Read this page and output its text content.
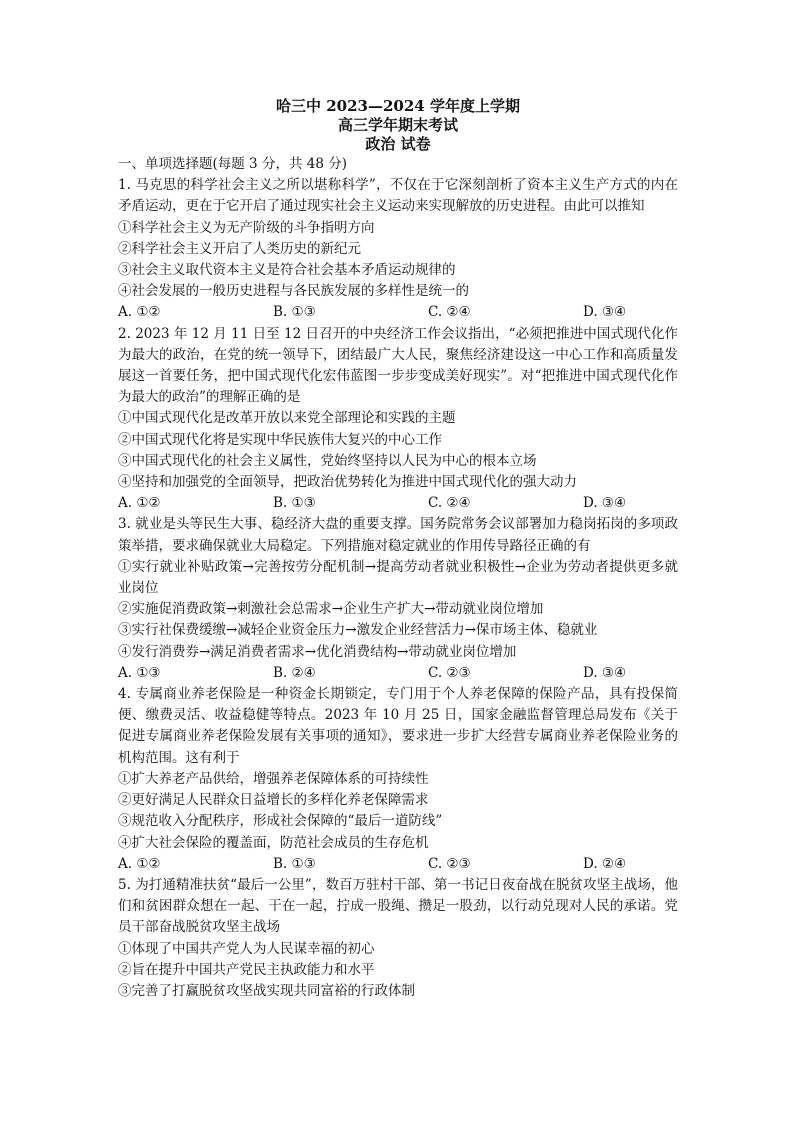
哈三中 2023—2024 学年度上学期
高三学年期末考试
政治 试卷
一、单项选择题(每题 3 分，共 48 分)
1. 马克思的科学社会主义之所以堪称科学”，不仅在于它深刻剖析了资本主义生产方式的内在矛盾运动，更在于它开启了通过现实社会主义运动来实现解放的历史进程。由此可以推知
①科学社会主义为无产阶级的斗争指明方向
②科学社会主义开启了人类历史的新纪元
③社会主义取代资本主义是符合社会基本矛盾运动规律的
④社会发展的一般历史进程与各民族发展的多样性是统一的
A. ①②	B. ①③	C. ②④	D. ③④
2. 2023 年 12 月 11 日至 12 日召开的中央经济工作会议指出，“必须把推进中国式现代化作为最大的政治，在党的统一领导下，团结最广大人民，聚焦经济建设这一中心工作和高质量发展这一首要任务，把中国式现代化宏伟蓝图一步步变成美好现实”。对“把推进中国式现代化作为最大的政治”的理解正确的是
①中国式现代化是改革开放以来党全部理论和实践的主题
②中国式现代化将是实现中华民族伟大复兴的中心工作
③中国式现代化的社会主义属性，党始终坚持以人民为中心的根本立场
④坚持和加强党的全面领导，把政治优势转化为推进中国式现代化的强大动力
A. ①②	B. ①③	C. ②④	D. ③④
3. 就业是头等民生大事、稳经济大盘的重要支撑。国务院常务会议部署加力稳岗拓岗的多项政策举措，要求确保就业大局稳定。下列措施对稳定就业的作用传导路径正确的有
①实行就业补贴政策→完善按劳分配机制→提高劳动者就业积极性→企业为劳动者提供更多就业岗位
②实施促消费政策→刺激社会总需求→企业生产扩大→带动就业岗位增加
③实行社保费缓缴→减轻企业资金压力→激发企业经营活力→保市场主体、稳就业
④发行消费券→满足消费者需求→优化消费结构→带动就业岗位增加
A. ①③	B. ②④	C. ②③	D. ③④
4. 专属商业养老保险是一种资金长期锁定，专门用于个人养老保障的保险产品，具有投保简便、缴费灵活、收益稳健等特点。2023 年 10 月 25 日，国家金融监督管理总局发布《关于促进专属商业养老保险发展有关事项的通知》，要求进一步扩大经营专属商业养老保险业务的机构范围。这有利于
①扩大养老产品供给，增强养老保障体系的可持续性
②更好满足人民群众日益增长的多样化养老保障需求
③规范收入分配秩序，形成社会保障的“最后一道防线”
④扩大社会保险的覆盖面，防范社会成员的生存危机
A. ①②	B. ①③	C. ②③	D. ②④
5. 为打通精准扶贫“最后一公里”，数百万驻村干部、第一书记日夜奋战在脱贫攻坚主战场，他们和贫困群众想在一起、干在一起，拧成一股绳、攒足一股劲，以行动兑现对人民的承诺。党员干部奋战脱贫攻坚主战场
①体现了中国共产党人为人民谋幸福的初心
②旨在提升中国共产党民主执政能力和水平
③完善了打赢脱贫攻坚战实现共同富裕的行政体制
